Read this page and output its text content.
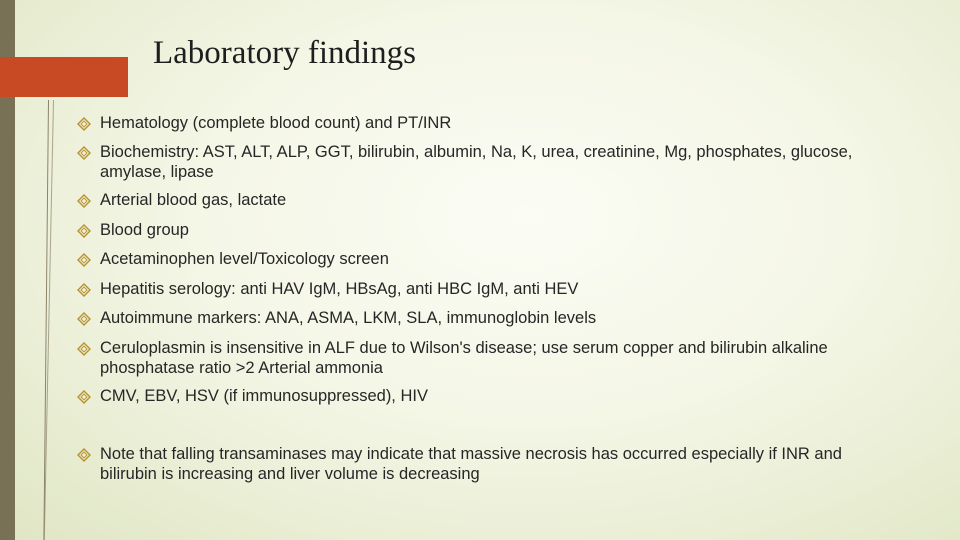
Laboratory findings
Hematology (complete blood count) and PT/INR
Biochemistry: AST, ALT, ALP, GGT, bilirubin, albumin, Na, K, urea, creatinine, Mg, phosphates, glucose, amylase, lipase
Arterial blood gas, lactate
Blood group
Acetaminophen level/Toxicology screen
Hepatitis serology: anti HAV IgM, HBsAg, anti HBC IgM, anti HEV
Autoimmune markers: ANA, ASMA, LKM, SLA, immunoglobin levels
Ceruloplasmin is insensitive in ALF due to Wilson's disease; use serum copper and bilirubin alkaline phosphatase ratio >2 Arterial ammonia
CMV, EBV, HSV (if immunosuppressed), HIV
Note that falling transaminases may indicate that massive necrosis has occurred especially if INR and bilirubin is increasing and liver volume is decreasing
